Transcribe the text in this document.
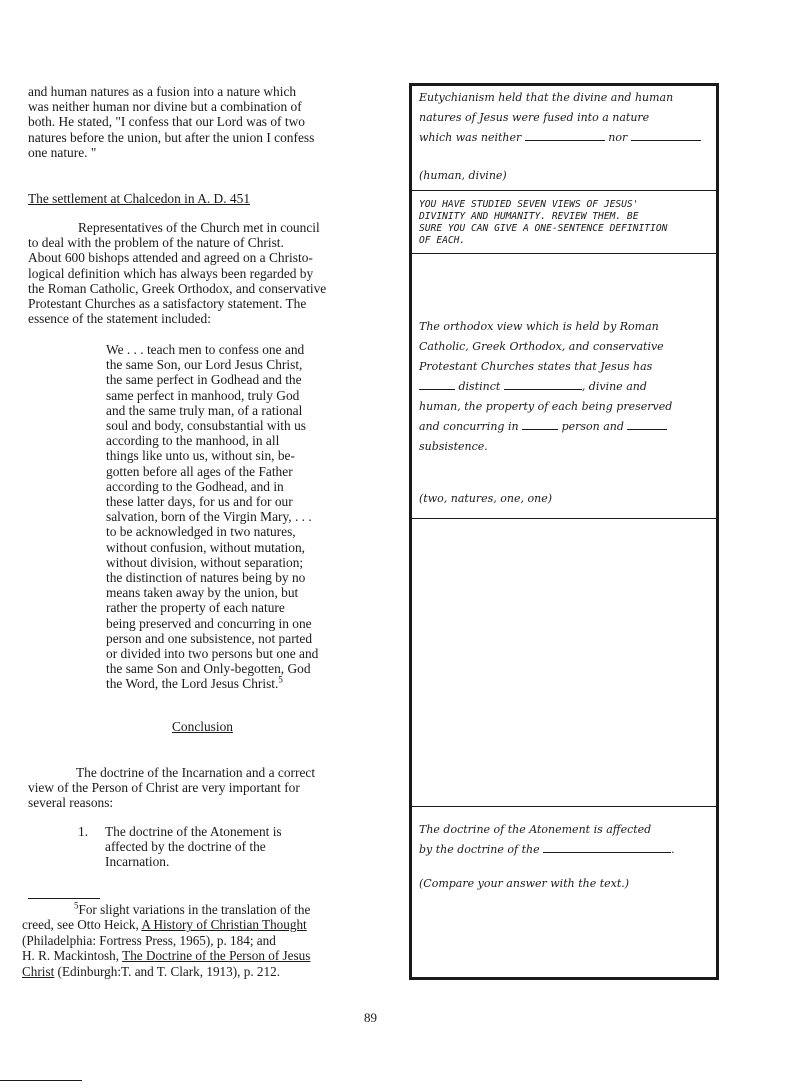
and human natures as a fusion into a nature which
was neither human nor divine but a combination of
both. He stated, "I confess that our Lord was of two
natures before the union, but after the union I confess
one nature. "
The settlement at Chalcedon in A. D. 451
Representatives of the Church met in council
to deal with the problem of the nature of Christ.
About 600 bishops attended and agreed on a Christo-
logical definition which has always been regarded by
the Roman Catholic, Greek Orthodox, and conservative
Protestant Churches as a satisfactory statement. The
essence of the statement included:
We . . . teach men to confess one and
the same Son, our Lord Jesus Christ,
the same perfect in Godhead and the
same perfect in manhood, truly God
and the same truly man, of a rational
soul and body, consubstantial with us
according to the manhood, in all
things like unto us, without sin, be-
gotten before all ages of the Father
according to the Godhead, and in
these latter days, for us and for our
salvation, born of the Virgin Mary, . . .
to be acknowledged in two natures,
without confusion, without mutation,
without division, without separation;
the distinction of natures being by no
means taken away by the union, but
rather the property of each nature
being preserved and concurring in one
person and one subsistence, not parted
or divided into two persons but one and
the same Son and Only-begotten, God
the Word, the Lord Jesus Christ.$^5$
Conclusion
The doctrine of the Incarnation and a correct
view of the Person of Christ are very important for
several reasons:
1. The doctrine of the Atonement is
affected by the doctrine of the
Incarnation.
$^5$For slight variations in the translation of the
creed, see Otto Heick, A History of Christian Thought
(Philadelphia: Fortress Press, 1965), p. 184; and
H. R. Mackintosh, The Doctrine of the Person of Jesus
Christ (Edinburgh:T. and T. Clark, 1913), p. 212.
89
Eutychianism held that the divine and human
natures of Jesus were fused into a nature
which was neither	nor
(human, divine)
YOU HAVE STUDIED SEVEN VIEWS OF JESUS'
DIVINITY AND HUMANITY. REVIEW THEM. BE
SURE YOU CAN GIVE A ONE-SENTENCE DEFINITION
OF EACH.
The orthodox view which is held by Roman
Catholic, Greek Orthodox, and conservative
Protestant Churches states that Jesus has
distinct	, divine and
human, the property of each being preserved
and concurring in	person and
subsistence.
(two, natures, one, one)
The doctrine of the Atonement is affected
by the doctrine of the	.
(Compare your answer with the text.)
